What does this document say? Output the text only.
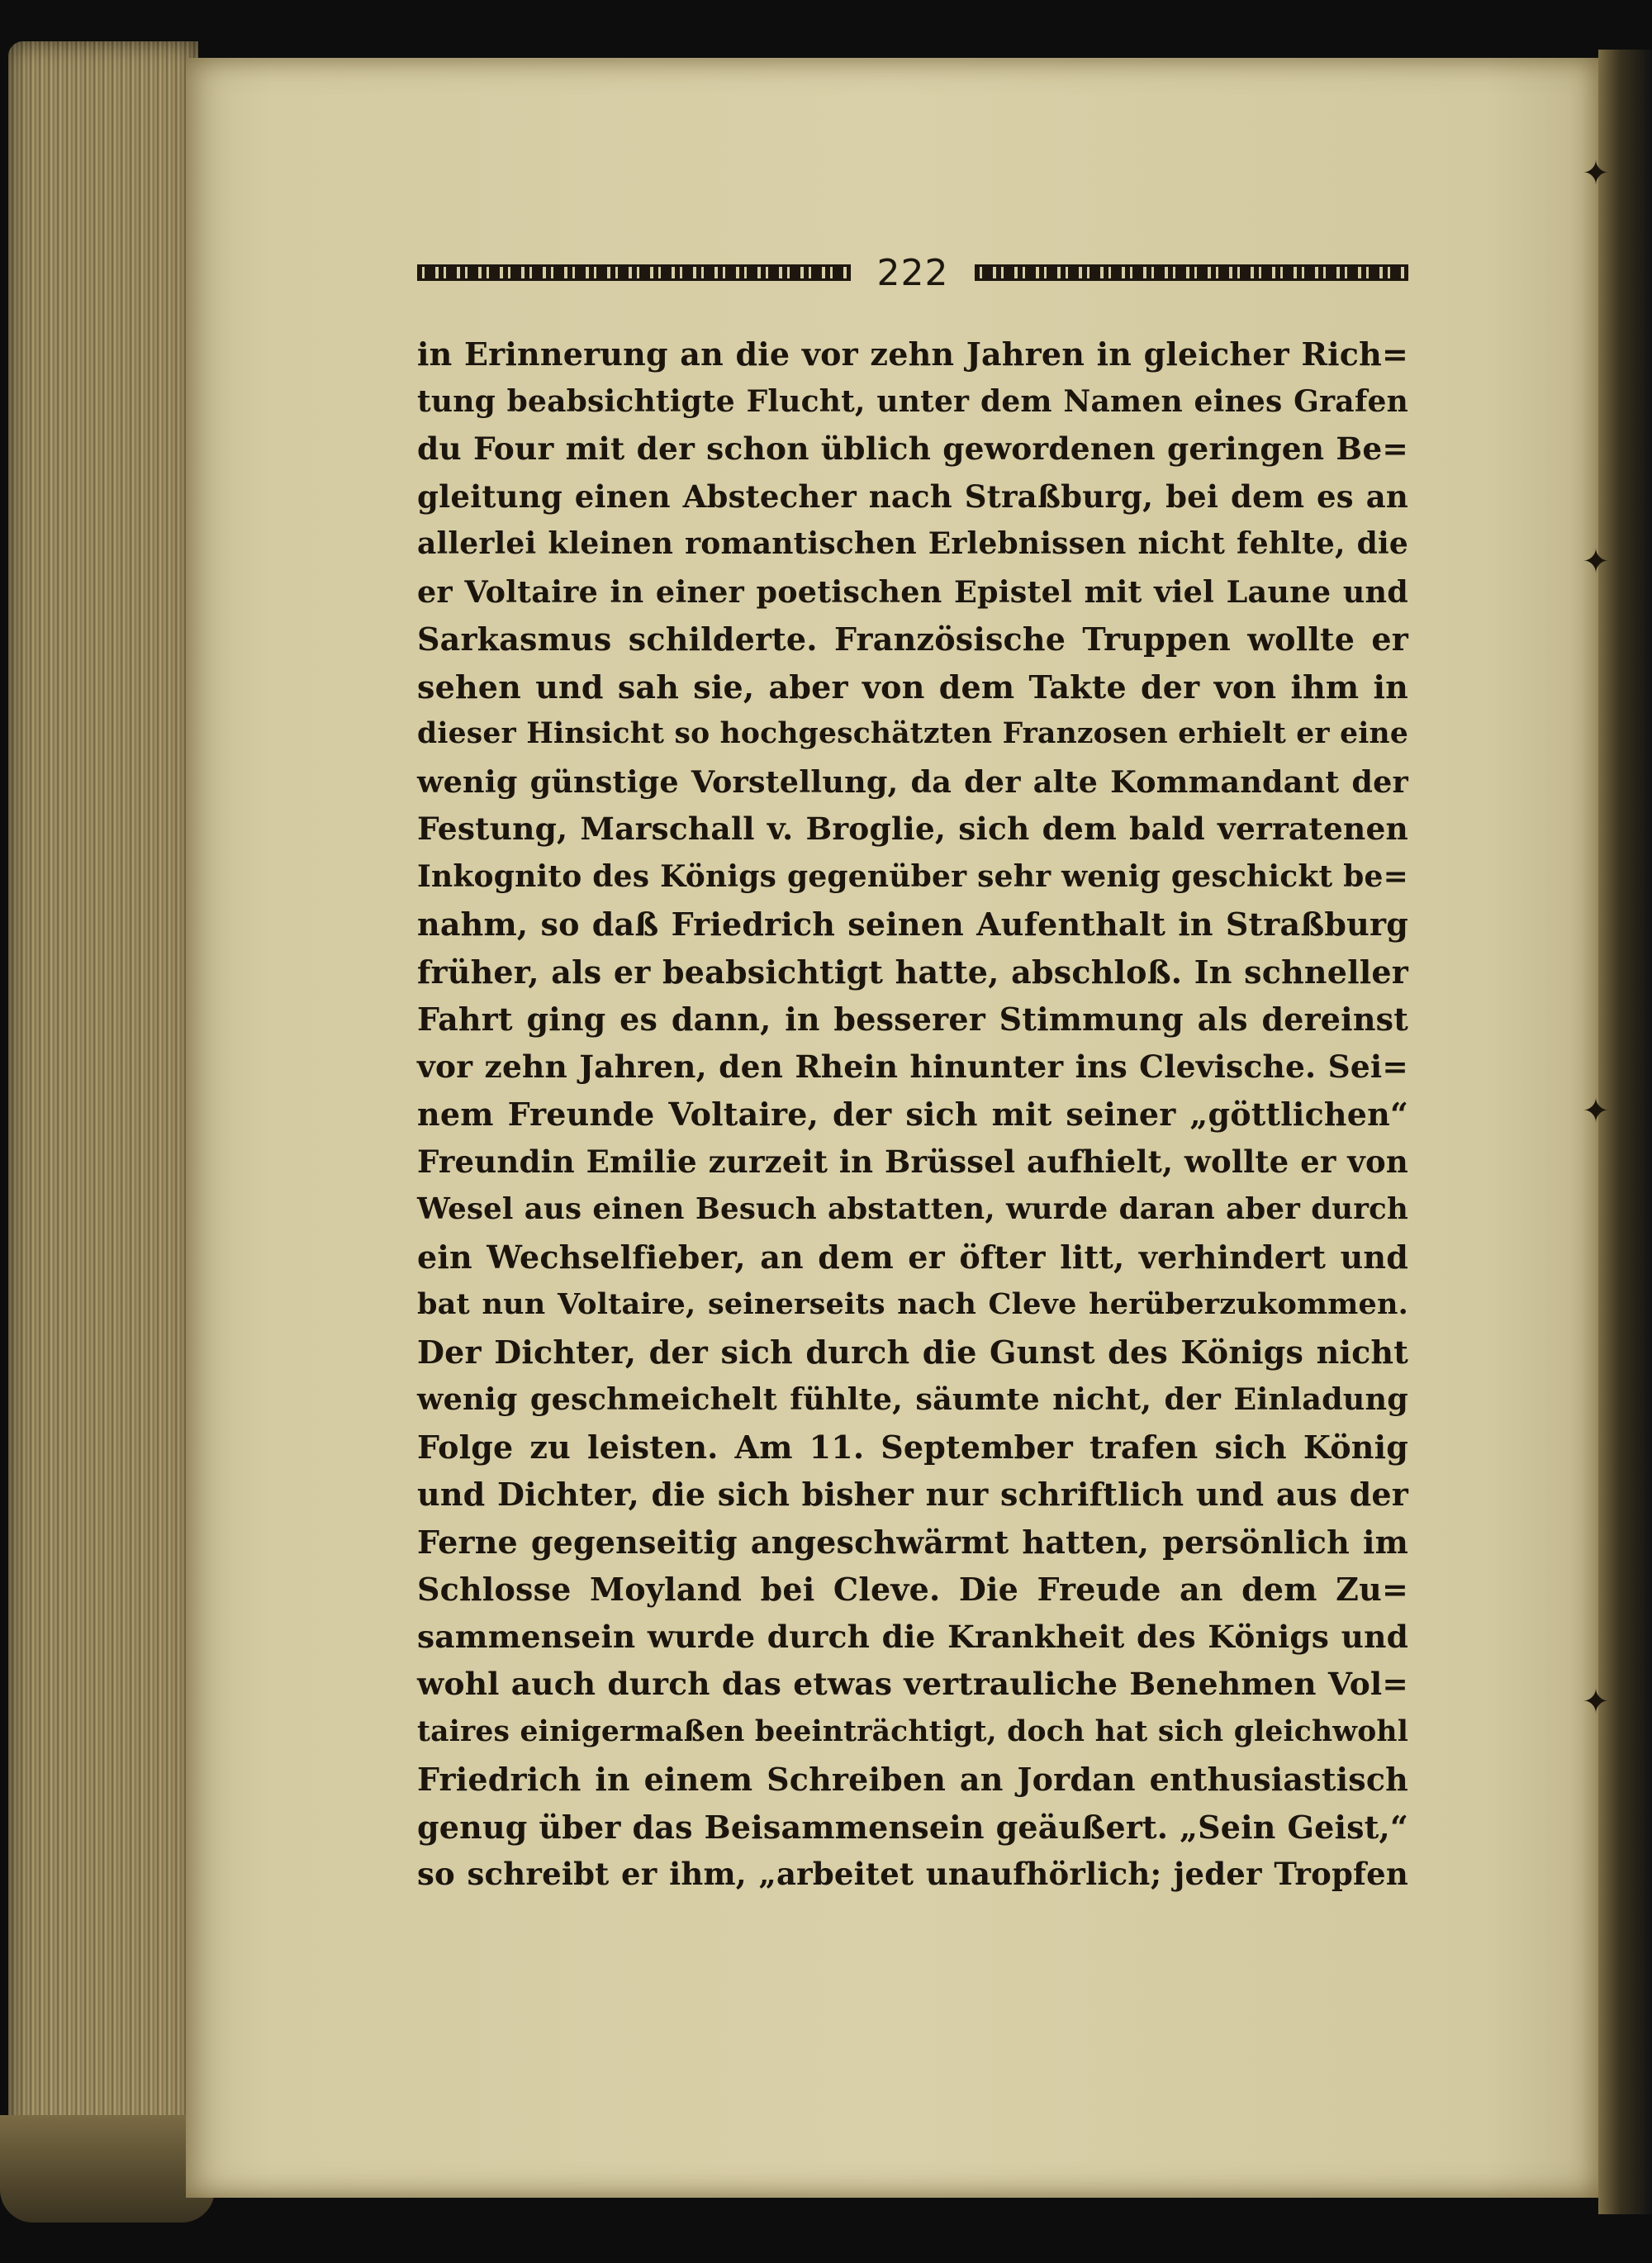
✦
✦
✦
✦
222
in Erinnerung an die vor zehn Jahren in gleicher Rich=
tung beabsichtigte Flucht, unter dem Namen eines Grafen
du Four mit der schon üblich gewordenen geringen Be=
gleitung einen Abstecher nach Straßburg, bei dem es an
allerlei kleinen romantischen Erlebnissen nicht fehlte, die
er Voltaire in einer poetischen Epistel mit viel Laune und
Sarkasmus schilderte. Französische Truppen wollte er
sehen und sah sie, aber von dem Takte der von ihm in
dieser Hinsicht so hochgeschätzten Franzosen erhielt er eine
wenig günstige Vorstellung, da der alte Kommandant der
Festung, Marschall v. Broglie, sich dem bald verratenen
Inkognito des Königs gegenüber sehr wenig geschickt be=
nahm, so daß Friedrich seinen Aufenthalt in Straßburg
früher, als er beabsichtigt hatte, abschloß. In schneller
Fahrt ging es dann, in besserer Stimmung als dereinst
vor zehn Jahren, den Rhein hinunter ins Clevische. Sei=
nem Freunde Voltaire, der sich mit seiner „göttlichen“
Freundin Emilie zurzeit in Brüssel aufhielt, wollte er von
Wesel aus einen Besuch abstatten, wurde daran aber durch
ein Wechselfieber, an dem er öfter litt, verhindert und
bat nun Voltaire, seinerseits nach Cleve herüberzukommen.
Der Dichter, der sich durch die Gunst des Königs nicht
wenig geschmeichelt fühlte, säumte nicht, der Einladung
Folge zu leisten. Am 11. September trafen sich König
und Dichter, die sich bisher nur schriftlich und aus der
Ferne gegenseitig angeschwärmt hatten, persönlich im
Schlosse Moyland bei Cleve. Die Freude an dem Zu=
sammensein wurde durch die Krankheit des Königs und
wohl auch durch das etwas vertrauliche Benehmen Vol=
taires einigermaßen beeinträchtigt, doch hat sich gleichwohl
Friedrich in einem Schreiben an Jordan enthusiastisch
genug über das Beisammensein geäußert. „Sein Geist,“
so schreibt er ihm, „arbeitet unaufhörlich; jeder Tropfen
